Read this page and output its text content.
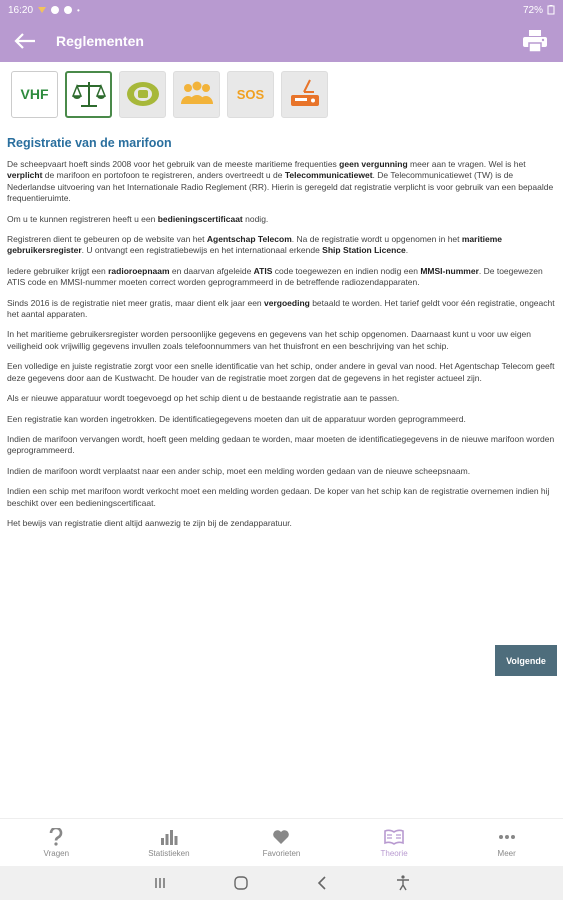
16:20	•	72%
Reglementen
VHF	SOS
Registratie van de marifoon

De scheepvaart hoeft sinds 2008 voor het gebruik van de meeste maritieme frequenties geen vergunning meer aan te vragen. Wel is het verplicht de marifoon en portofoon te registreren, anders overtreedt u de Telecommunicatiewet. De Telecommunicatiewet (TW) is de Nederlandse uitvoering van het Internationale Radio Reglement (RR). Hierin is geregeld dat registratie verplicht is voor gebruik van een bepaalde frequentieruimte.

Om u te kunnen registreren heeft u een bedieningscertificaat nodig.

Registreren dient te gebeuren op de website van het Agentschap Telecom. Na de registratie wordt u opgenomen in het maritieme gebruikersregister. U ontvangt een registratiebewijs en het internationaal erkende Ship Station Licence.

Iedere gebruiker krijgt een radioroepnaam en daarvan afgeleide ATIS code toegewezen en indien nodig een MMSI-nummer. De toegewezen ATIS code en MMSI-nummer moeten correct worden geprogrammeerd in de betreffende radiozendapparaten.

Sinds 2016 is de registratie niet meer gratis, maar dient elk jaar een vergoeding betaald te worden. Het tarief geldt voor één registratie, ongeacht het aantal apparaten.

In het maritieme gebruikersregister worden persoonlijke gegevens en gegevens van het schip opgenomen. Daarnaast kunt u voor uw eigen veiligheid ook vrijwillig gegevens invullen zoals telefoonnummers van het thuisfront en een beschrijving van het schip.

Een volledige en juiste registratie zorgt voor een snelle identificatie van het schip, onder andere in geval van nood. Het Agentschap Telecom geeft deze gegevens door aan de Kustwacht. De houder van de registratie moet zorgen dat de gegevens in het register actueel zijn.

Als er nieuwe apparatuur wordt toegevoegd op het schip dient u de bestaande registratie aan te passen.

Een registratie kan worden ingetrokken. De identificatiegegevens moeten dan uit de apparatuur worden geprogrammeerd.

Indien de marifoon vervangen wordt, hoeft geen melding gedaan te worden, maar moeten de identificatiegegevens in de nieuwe marifoon worden geprogrammeerd.

Indien de marifoon wordt verplaatst naar een ander schip, moet een melding worden gedaan van de nieuwe scheepsnaam.

Indien een schip met marifoon wordt verkocht moet een melding worden gedaan. De koper van het schip kan de registratie overnemen indien hij beschikt over een bedieningscertificaat.

Het bewijs van registratie dient altijd aanwezig te zijn bij de zendapparatuur.

Volgende
Vragen	Statistieken	Favorieten	Theorie	Meer
